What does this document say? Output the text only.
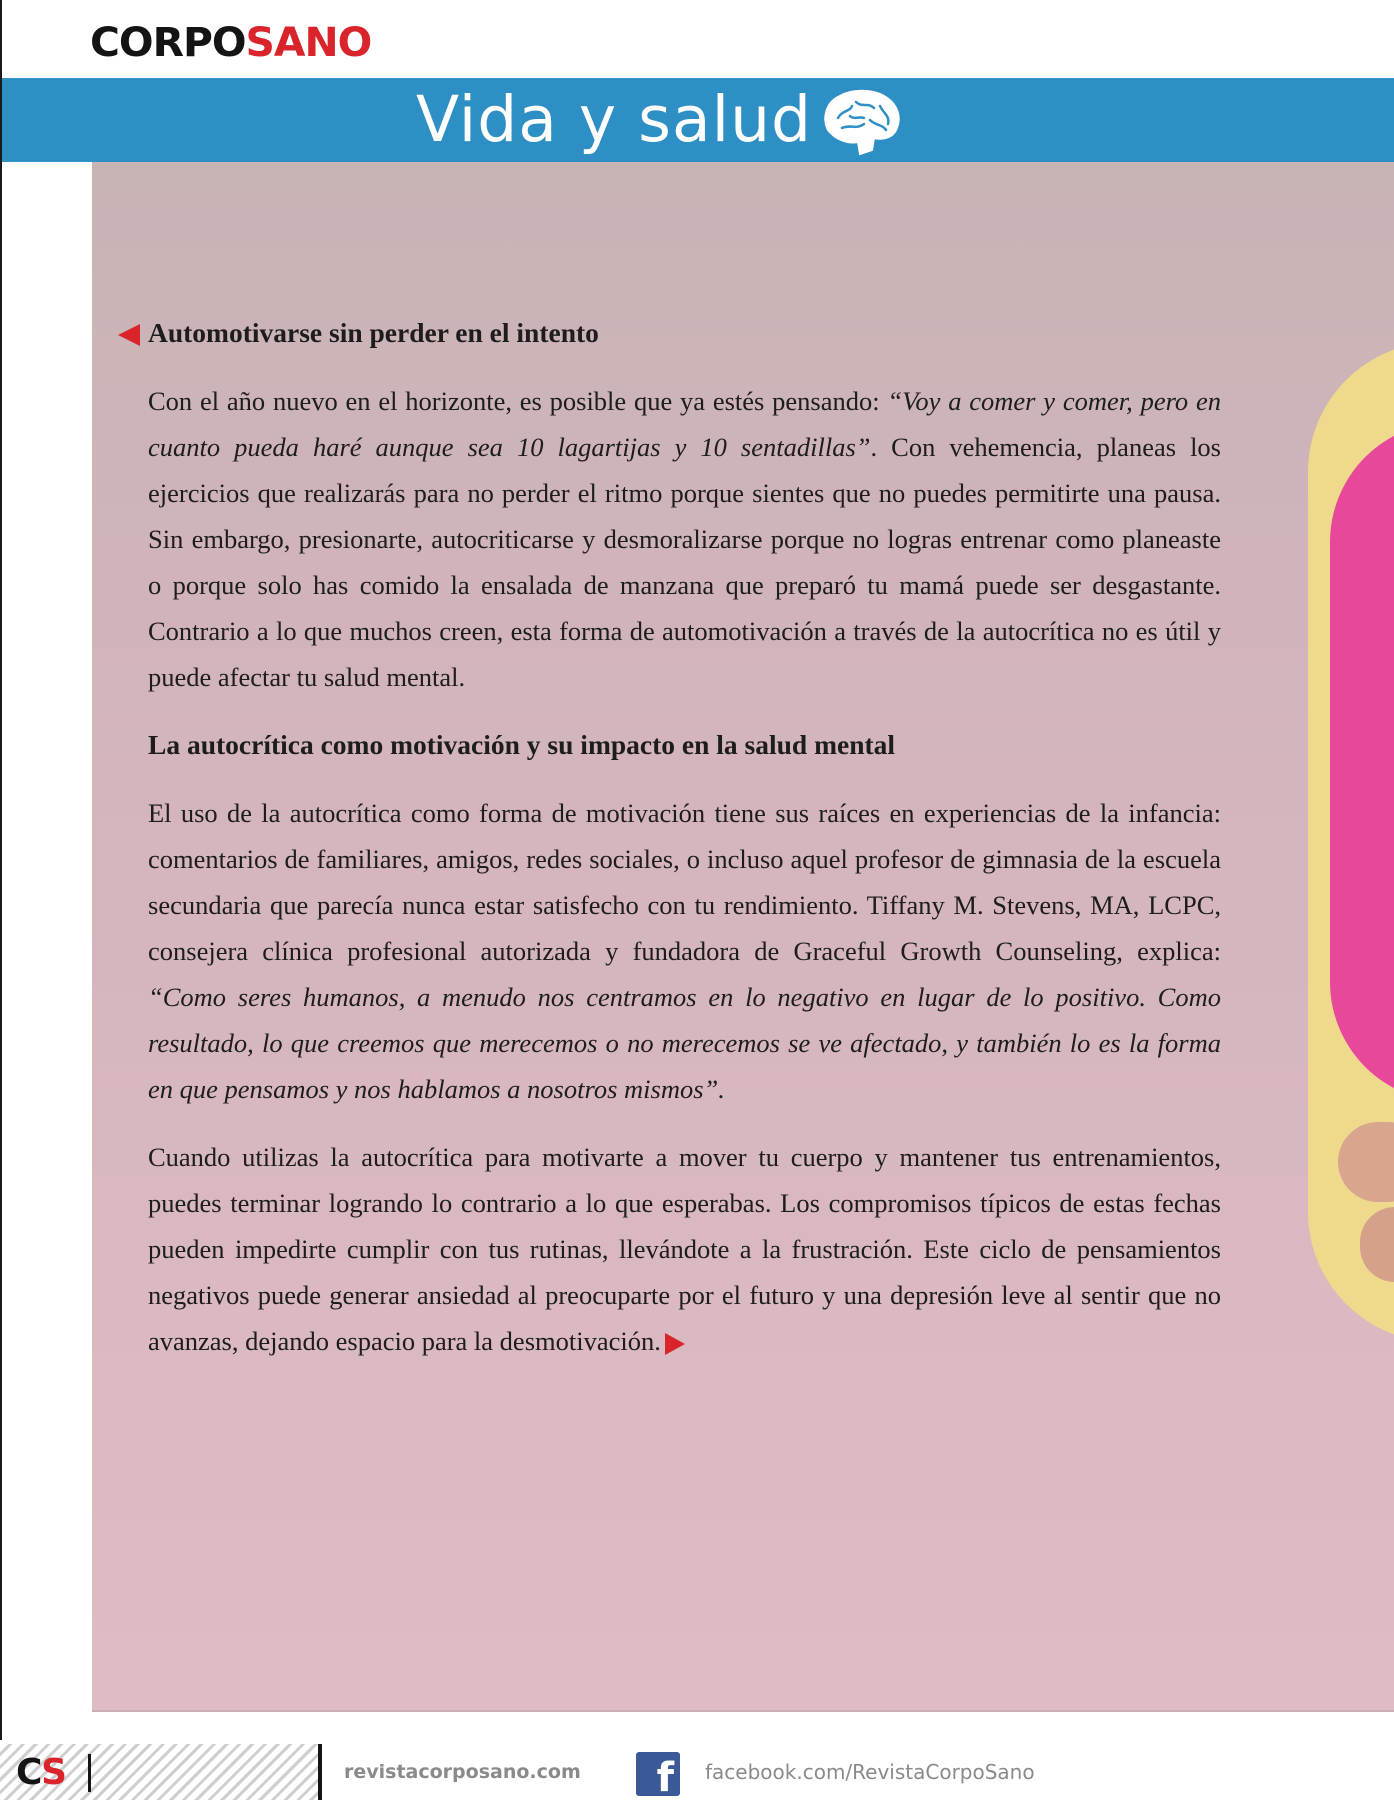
CORPOSANO
Vida y salud
Automotivarse sin perder en el intento

Con el año nuevo en el horizonte, es posible que ya estés pensando: “Voy a comer y comer, pero en cuanto pueda haré aunque sea 10 lagartijas y 10 sentadillas”. Con vehemencia, planeas los ejercicios que realizarás para no perder el ritmo porque sientes que no puedes permitirte una pausa. Sin embargo, presionarte, autocriticarse y desmoralizarse porque no logras entrenar como planeaste o porque solo has comido la ensalada de manzana que preparó tu mamá puede ser desgastante. Contrario a lo que muchos creen, esta forma de automotivación a través de la autocrítica no es útil y puede afectar tu salud mental.

La autocrítica como motivación y su impacto en la salud mental

El uso de la autocrítica como forma de motivación tiene sus raíces en experiencias de la infancia: comentarios de familiares, amigos, redes sociales, o incluso aquel profesor de gimnasia de la escuela secundaria que parecía nunca estar satisfecho con tu rendimiento. Tiffany M. Stevens, MA, LCPC, consejera clínica profesional autorizada y fundadora de Graceful Growth Counseling, explica: “Como seres humanos, a menudo nos centramos en lo negativo en lugar de lo positivo. Como resultado, lo que creemos que merecemos o no merecemos se ve afectado, y también lo es la forma en que pensamos y nos hablamos a nosotros mismos”.

Cuando utilizas la autocrítica para motivarte a mover tu cuerpo y mantener tus entrenamientos, puedes terminar logrando lo contrario a lo que esperabas. Los compromisos típicos de estas fechas pueden impedirte cumplir con tus rutinas, llevándote a la frustración. Este ciclo de pensamientos negativos puede generar ansiedad al preocuparte por el futuro y una depresión leve al sentir que no avanzas, dejando espacio para la desmotivación.

CS	revistacorposano.com	f	facebook.com/RevistaCorpoSano
